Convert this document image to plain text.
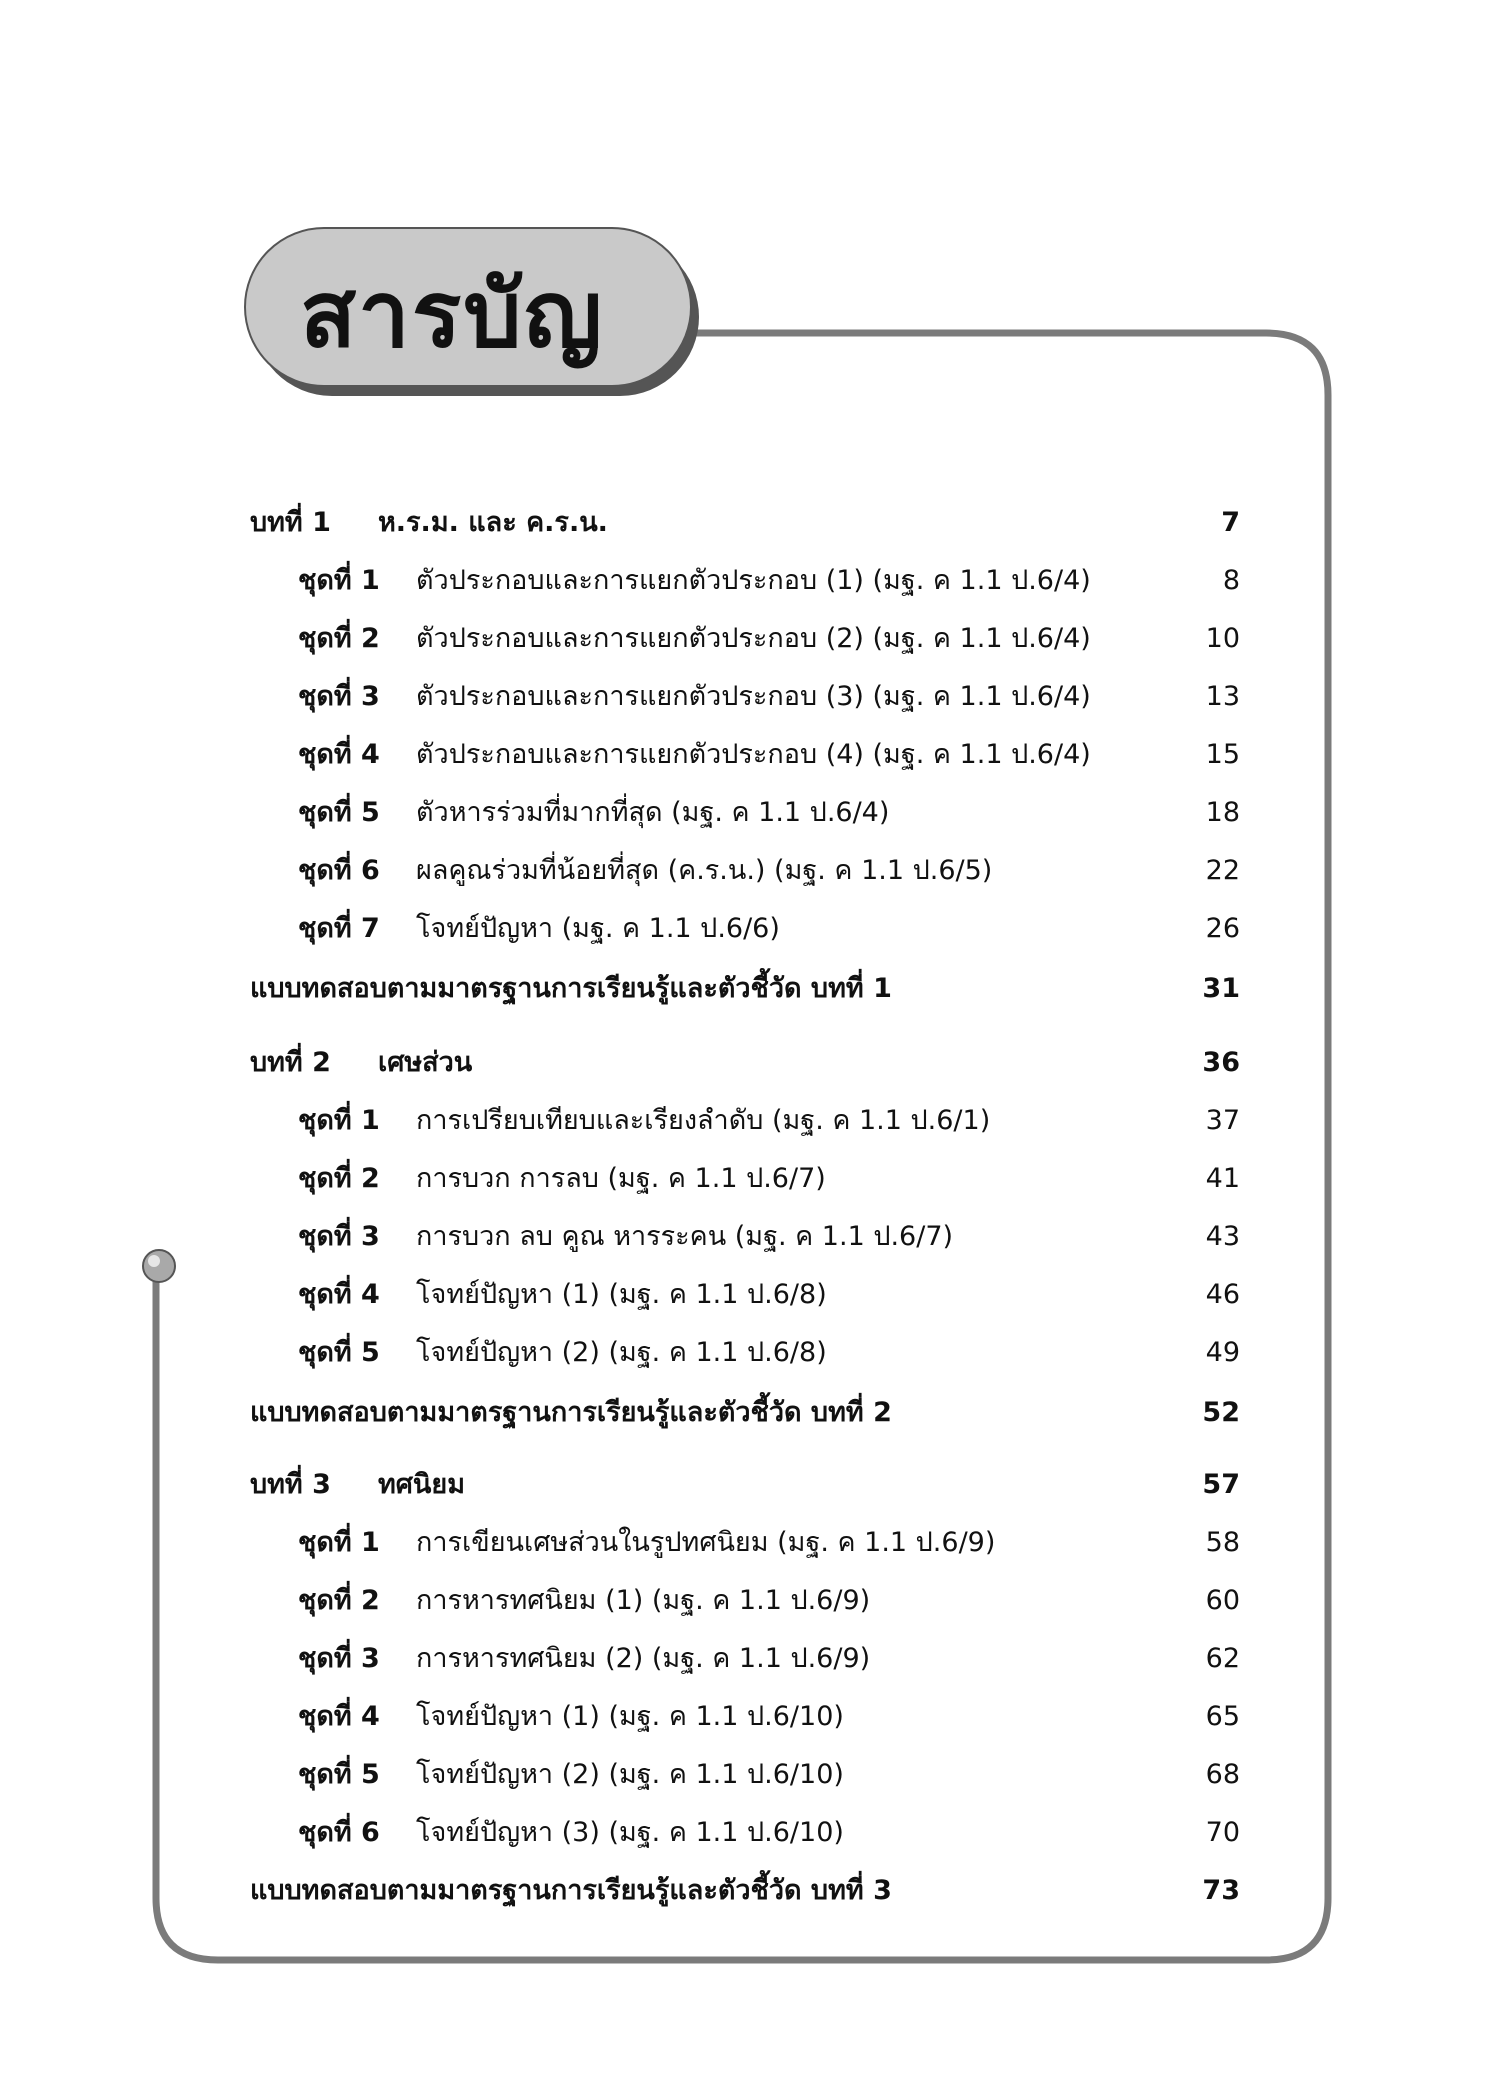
สารบัญ
บทที่ 1 ห.ร.ม. และ ค.ร.น.	7
ชุดที่ 1 ตัวประกอบและการแยกตัวประกอบ (1) (มฐ. ค 1.1 ป.6/4)	8
ชุดที่ 2 ตัวประกอบและการแยกตัวประกอบ (2) (มฐ. ค 1.1 ป.6/4)	10
ชุดที่ 3 ตัวประกอบและการแยกตัวประกอบ (3) (มฐ. ค 1.1 ป.6/4)	13
ชุดที่ 4 ตัวประกอบและการแยกตัวประกอบ (4) (มฐ. ค 1.1 ป.6/4)	15
ชุดที่ 5 ตัวหารร่วมที่มากที่สุด (มฐ. ค 1.1 ป.6/4)	18
ชุดที่ 6 ผลคูณร่วมที่น้อยที่สุด (ค.ร.น.) (มฐ. ค 1.1 ป.6/5)	22
ชุดที่ 7 โจทย์ปัญหา (มฐ. ค 1.1 ป.6/6)	26
แบบทดสอบตามมาตรฐานการเรียนรู้และตัวชี้วัด บทที่ 1	31
บทที่ 2 เศษส่วน	36
ชุดที่ 1 การเปรียบเทียบและเรียงลำดับ (มฐ. ค 1.1 ป.6/1)	37
ชุดที่ 2 การบวก การลบ (มฐ. ค 1.1 ป.6/7)	41
ชุดที่ 3 การบวก ลบ คูณ หารระคน (มฐ. ค 1.1 ป.6/7)	43
ชุดที่ 4 โจทย์ปัญหา (1) (มฐ. ค 1.1 ป.6/8)	46
ชุดที่ 5 โจทย์ปัญหา (2) (มฐ. ค 1.1 ป.6/8)	49
แบบทดสอบตามมาตรฐานการเรียนรู้และตัวชี้วัด บทที่ 2	52
บทที่ 3 ทศนิยม	57
ชุดที่ 1 การเขียนเศษส่วนในรูปทศนิยม (มฐ. ค 1.1 ป.6/9)	58
ชุดที่ 2 การหารทศนิยม (1) (มฐ. ค 1.1 ป.6/9)	60
ชุดที่ 3 การหารทศนิยม (2) (มฐ. ค 1.1 ป.6/9)	62
ชุดที่ 4 โจทย์ปัญหา (1) (มฐ. ค 1.1 ป.6/10)	65
ชุดที่ 5 โจทย์ปัญหา (2) (มฐ. ค 1.1 ป.6/10)	68
ชุดที่ 6 โจทย์ปัญหา (3) (มฐ. ค 1.1 ป.6/10)	70
แบบทดสอบตามมาตรฐานการเรียนรู้และตัวชี้วัด บทที่ 3	73
